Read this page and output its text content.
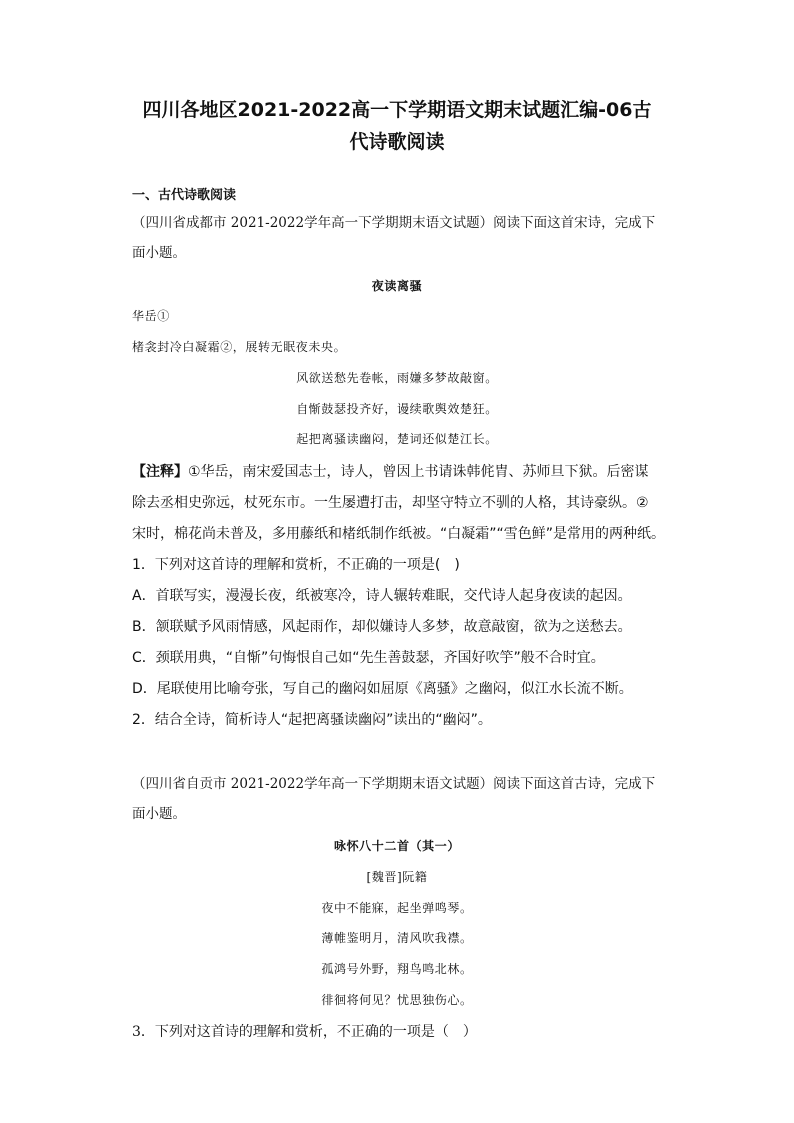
四川各地区2021-2022高一下学期语文期末试题汇编-06古
代诗歌阅读
一、古代诗歌阅读
（四川省成都市 2021-2022学年高一下学期期末语文试题）阅读下面这首宋诗，完成下
面小题。
夜读离骚
华岳①
楮衾封冷白凝霜②，展转无眠夜未央。
风欲送愁先卷帐，雨嫌多梦故敲窗。
自惭鼓瑟投齐好，谩续歌舆效楚狂。
起把离骚读幽闷，楚词还似楚江长。
【注释】①华岳，南宋爱国志士，诗人，曾因上书请诛韩侂胄、苏师旦下狱。后密谋
除去丞相史弥远，杖死东市。一生屡遭打击，却坚守特立不驯的人格，其诗豪纵。②
宋时，棉花尚未普及，多用藤纸和楮纸制作纸被。“白凝霜”“雪色鲜”是常用的两种纸。
1．下列对这首诗的理解和赏析，不正确的一项是(　)
A．首联写实，漫漫长夜，纸被寒冷，诗人辗转难眠，交代诗人起身夜读的起因。
B．颔联赋予风雨情感，风起雨作，却似嫌诗人多梦，故意敲窗，欲为之送愁去。
C．颈联用典，“自惭”句悔恨自己如“先生善鼓瑟，齐国好吹竽”般不合时宜。
D．尾联使用比喻夸张，写自己的幽闷如屈原《离骚》之幽闷，似江水长流不断。
2．结合全诗，简析诗人“起把离骚读幽闷”读出的“幽闷”。
（四川省自贡市 2021-2022学年高一下学期期末语文试题）阅读下面这首古诗，完成下
面小题。
咏怀八十二首（其一）
[魏晋]阮籍
夜中不能寐，起坐弹鸣琴。
薄帷鉴明月，清风吹我襟。
孤鸿号外野，翔鸟鸣北林。
徘徊将何见？忧思独伤心。
3．下列对这首诗的理解和赏析，不正确的一项是（　）
